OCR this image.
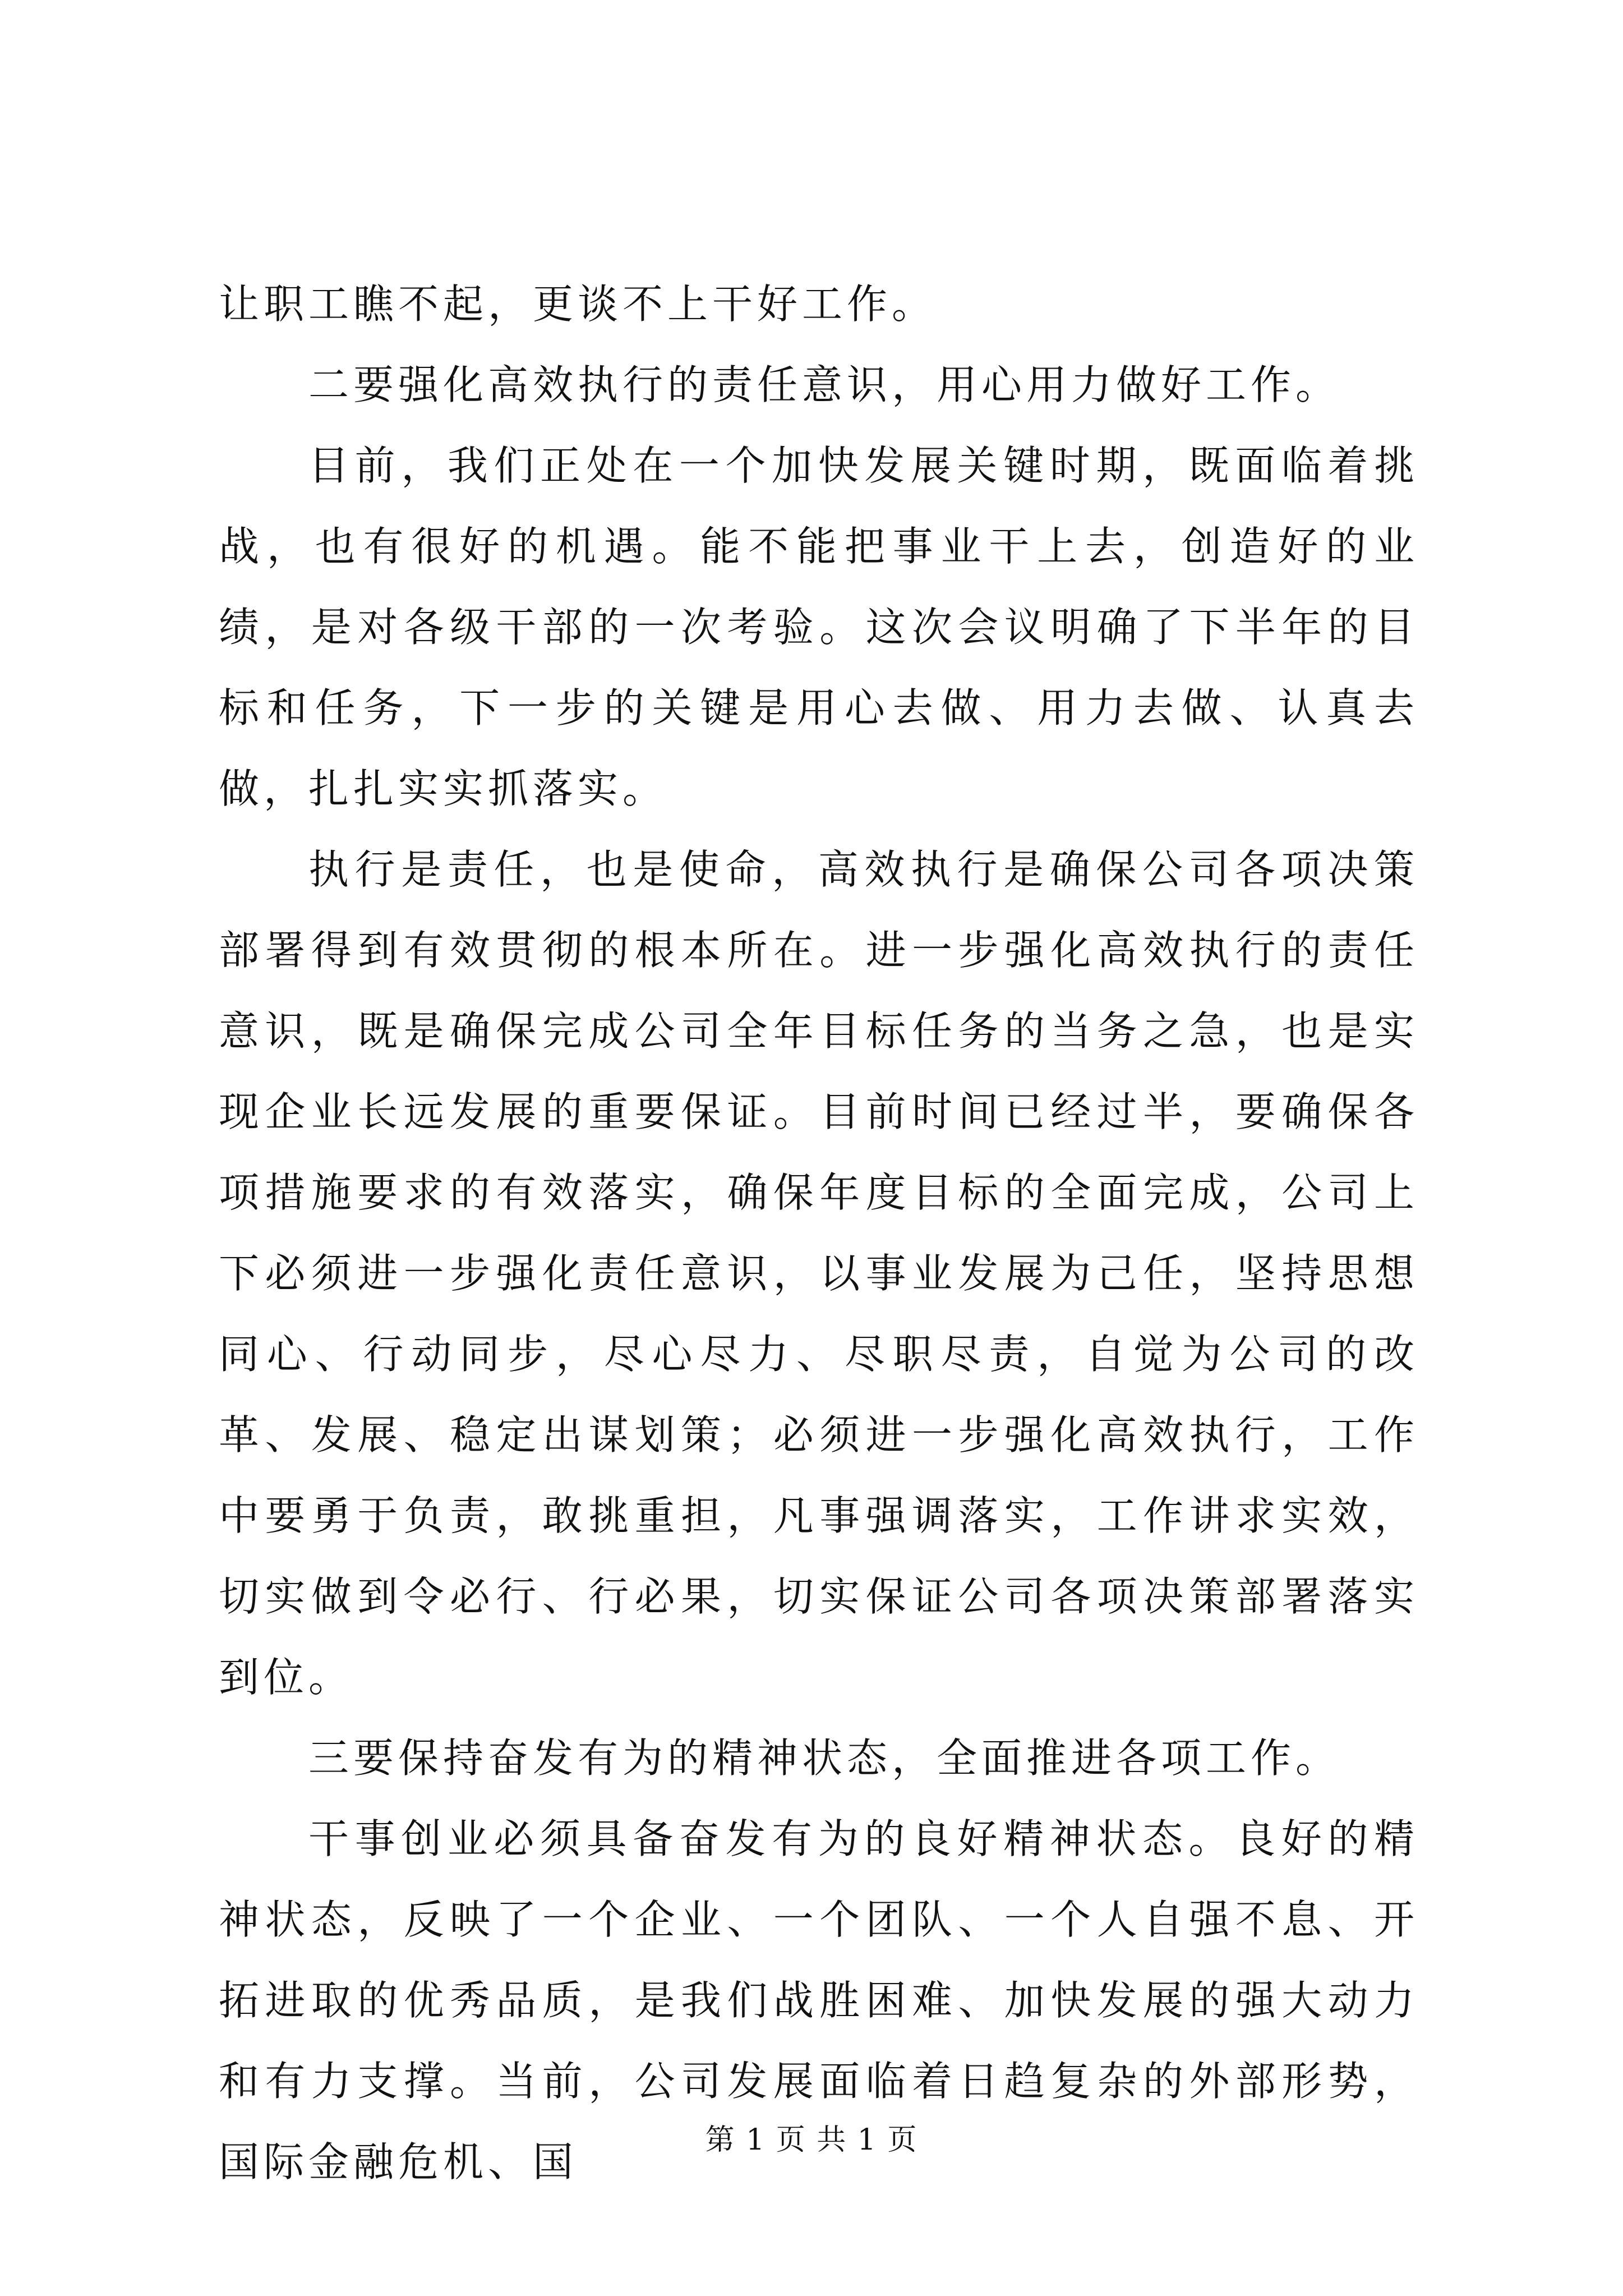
让职工瞧不起，更谈不上干好工作。

二要强化高效执行的责任意识，用心用力做好工作。

目前，我们正处在一个加快发展关键时期，既面临着挑战，也有很好的机遇。能不能把事业干上去，创造好的业绩，是对各级干部的一次考验。这次会议明确了下半年的目标和任务，下一步的关键是用心去做、用力去做、认真去做，扎扎实实抓落实。

执行是责任，也是使命，高效执行是确保公司各项决策部署得到有效贯彻的根本所在。进一步强化高效执行的责任意识，既是确保完成公司全年目标任务的当务之急，也是实现企业长远发展的重要保证。目前时间已经过半，要确保各项措施要求的有效落实，确保年度目标的全面完成，公司上下必须进一步强化责任意识，以事业发展为己任，坚持思想同心、行动同步，尽心尽力、尽职尽责，自觉为公司的改革、发展、稳定出谋划策；必须进一步强化高效执行，工作中要勇于负责，敢挑重担，凡事强调落实，工作讲求实效，切实做到令必行、行必果，切实保证公司各项决策部署落实到位。

三要保持奋发有为的精神状态，全面推进各项工作。

干事创业必须具备奋发有为的良好精神状态。良好的精神状态，反映了一个企业、一个团队、一个人自强不息、开拓进取的优秀品质，是我们战胜困难、加快发展的强大动力和有力支撑。当前，公司发展面临着日趋复杂的外部形势，国际金融危机、国	第 1 页 共 1 页
